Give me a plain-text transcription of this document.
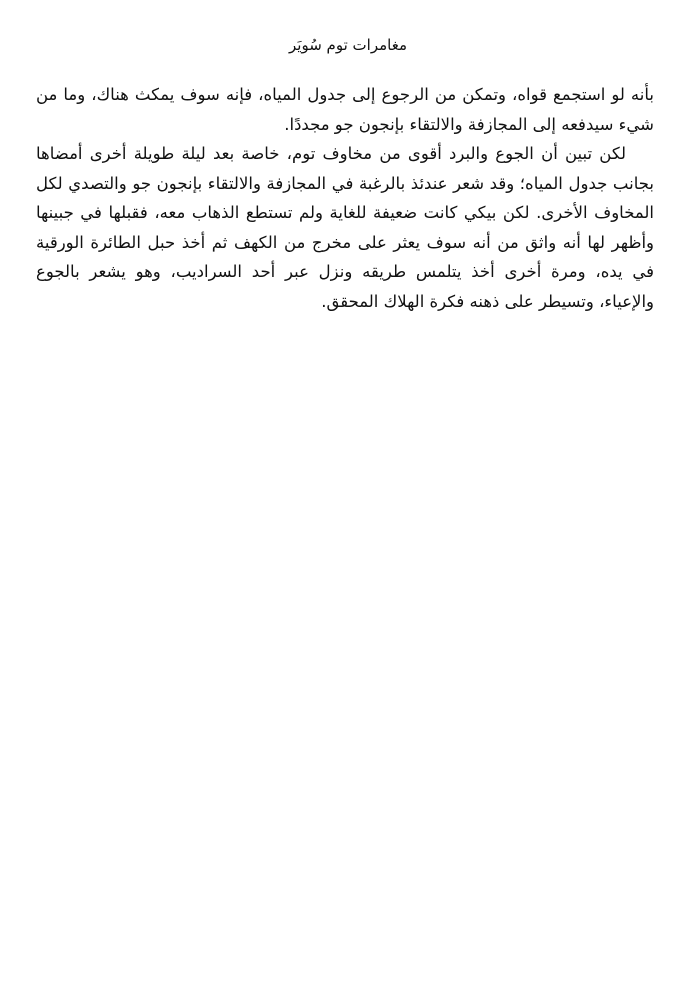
مغامرات توم سُويَر

بأنه لو استجمع قواه، وتمكن من الرجوع إلى جدول المياه، فإنه سوف يمكث هناك، وما من شيء سيدفعه إلى المجازفة والالتقاء بإنجون جو مجددًا.

لكن تبين أن الجوع والبرد أقوى من مخاوف توم، خاصة بعد ليلة طويلة أخرى أمضاها بجانب جدول المياه؛ وقد شعر عندئذ بالرغبة في المجازفة والالتقاء بإنجون جو والتصدي لكل المخاوف الأخرى. لكن بيكي كانت ضعيفة للغاية ولم تستطع الذهاب معه، فقبلها في جبينها وأظهر لها أنه واثق من أنه سوف يعثر على مخرج من الكهف ثم أخذ حبل الطائرة الورقية في يده، ومرة أخرى أخذ يتلمس طريقه ونزل عبر أحد السراديب، وهو يشعر بالجوع والإعياء، وتسيطر على ذهنه فكرة الهلاك المحقق.
